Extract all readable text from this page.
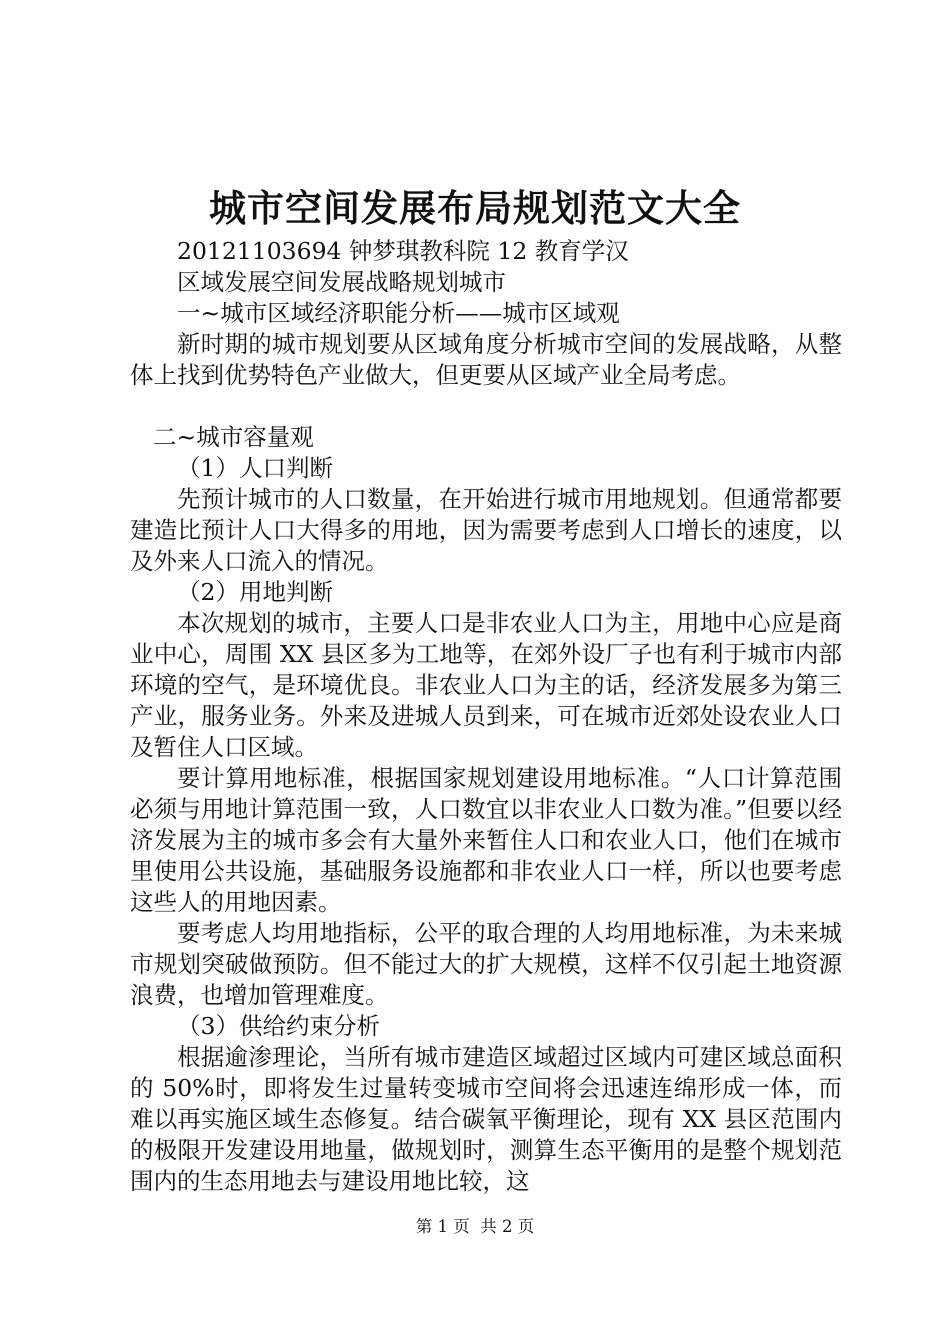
城市空间发展布局规划范文大全

20121103694 钟梦琪教科院 12 教育学汉

区域发展空间发展战略规划城市

一~城市区域经济职能分析——城市区域观

新时期的城市规划要从区域角度分析城市空间的发展战略，从整体上找到优势特色产业做大，但更要从区域产业全局考虑。

二~城市容量观

（1）人口判断

先预计城市的人口数量，在开始进行城市用地规划。但通常都要建造比预计人口大得多的用地，因为需要考虑到人口增长的速度，以及外来人口流入的情况。

（2）用地判断

本次规划的城市，主要人口是非农业人口为主，用地中心应是商业中心，周围 XX 县区多为工地等，在郊外设厂子也有利于城市内部环境的空气，是环境优良。非农业人口为主的话，经济发展多为第三产业，服务业务。外来及进城人员到来，可在城市近郊处设农业人口及暂住人口区域。

要计算用地标准，根据国家规划建设用地标准。“人口计算范围必须与用地计算范围一致，人口数宜以非农业人口数为准。”但要以经济发展为主的城市多会有大量外来暂住人口和农业人口，他们在城市里使用公共设施，基础服务设施都和非农业人口一样，所以也要考虑这些人的用地因素。

要考虑人均用地指标，公平的取合理的人均用地标准，为未来城市规划突破做预防。但不能过大的扩大规模，这样不仅引起土地资源浪费，也增加管理难度。

（3）供给约束分析

根据逾渗理论，当所有城市建造区域超过区域内可建区域总面积的 50%时，即将发生过量转变城市空间将会迅速连绵形成一体，而难以再实施区域生态修复。结合碳氧平衡理论，现有 XX 县区范围内的极限开发建设用地量，做规划时，测算生态平衡用的是整个规划范围内的生态用地去与建设用地比较，这

第 1 页  共 2 页
